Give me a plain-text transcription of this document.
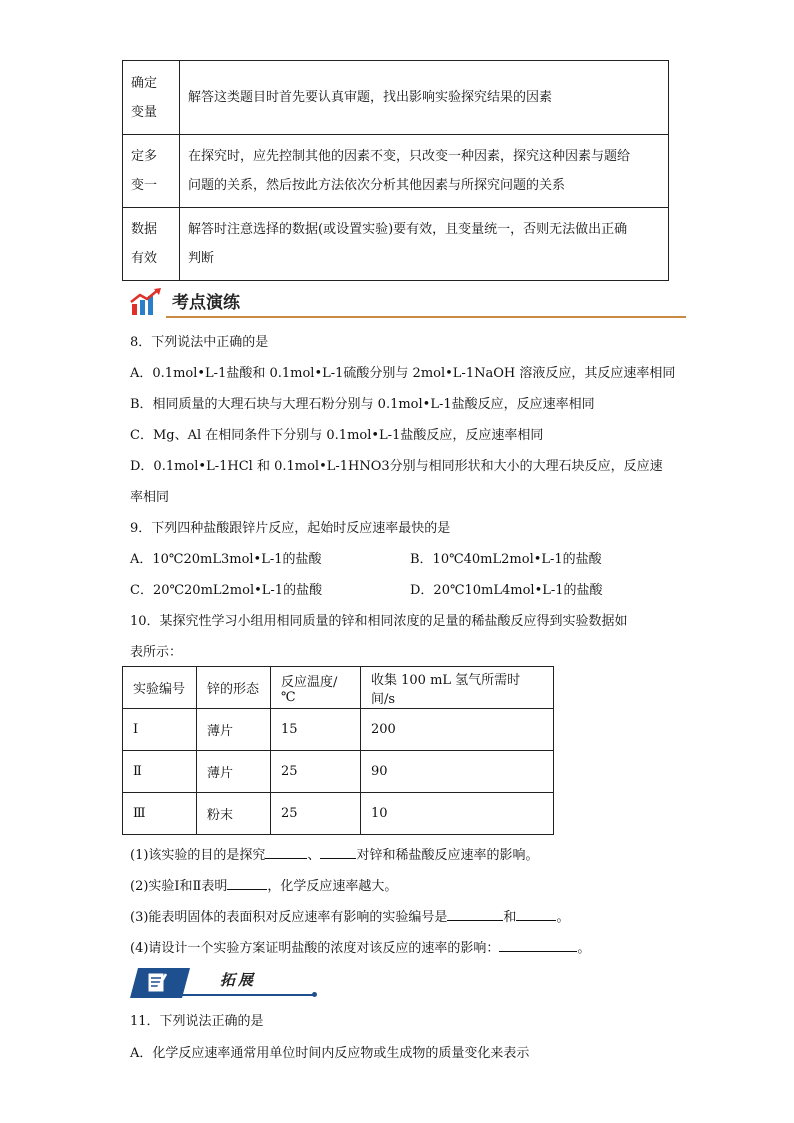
确定
变量	解答这类题目时首先要认真审题，找出影响实验探究结果的因素
定多
变一	在探究时，应先控制其他的因素不变，只改变一种因素，探究这种因素与题给
问题的关系，然后按此方法依次分析其他因素与所探究问题的关系
数据
有效	解答时注意选择的数据(或设置实验)要有效，且变量统一，否则无法做出正确
判断
考点演练
8．下列说法中正确的是
A．0.1mol•L-1盐酸和 0.1mol•L-1硫酸分别与 2mol•L-1NaOH 溶液反应，其反应速率相同
B．相同质量的大理石块与大理石粉分别与 0.1mol•L-1盐酸反应，反应速率相同
C．Mg、Al 在相同条件下分别与 0.1mol•L-1盐酸反应，反应速率相同
D．0.1mol•L-1HCl 和 0.1mol•L-1HNO3分别与相同形状和大小的大理石块反应，反应速
率相同
9．下列四种盐酸跟锌片反应，起始时反应速率最快的是
A．10℃20mL3mol•L-1的盐酸	B．10℃40mL2mol•L-1的盐酸
C．20℃20mL2mol•L-1的盐酸	D．20℃10mL4mol•L-1的盐酸
10．某探究性学习小组用相同质量的锌和相同浓度的足量的稀盐酸反应得到实验数据如
表所示：
实验编号	锌的形态	反应温度/℃	收集 100 mL 氢气所需时间/s
Ⅰ	薄片	15	200
Ⅱ	薄片	25	90
Ⅲ	粉末	25	10
(1)该实验的目的是探究	、	对锌和稀盐酸反应速率的影响。
(2)实验Ⅰ和Ⅱ表明	，化学反应速率越大。
(3)能表明固体的表面积对反应速率有影响的实验编号是	和	。
(4)请设计一个实验方案证明盐酸的浓度对该反应的速率的影响：	。
拓展
11．下列说法正确的是
A．化学反应速率通常用单位时间内反应物或生成物的质量变化来表示
